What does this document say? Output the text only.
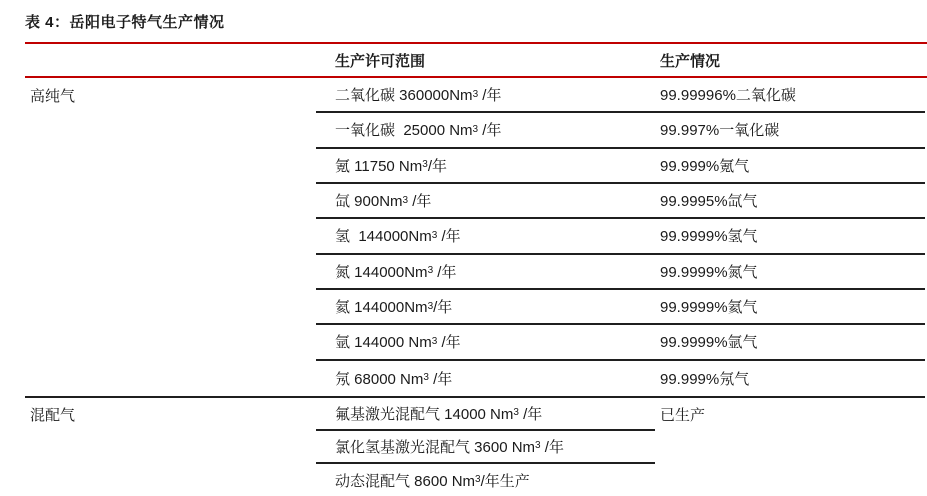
表 4：岳阳电子特气生产情况
生产许可范围	生产情况
高纯气	二氧化碳 360000Nm 3 /年	99.99996%二氧化碳
一氧化碳  25000 Nm 3 /年	99.997%一氧化碳
氪 11750 Nm 3 /年	99.999%氪气
氙 900Nm 3 /年	99.9995%氙气
氢  144000Nm 3 /年	99.9999%氢气
氮 144000Nm 3 /年	99.9999%氮气
氦 144000Nm 3 /年	99.9999%氦气
氩 144000 Nm 3 /年	99.9999%氩气
氖 68000 Nm 3 /年	99.999%氖气
混配气	氟基激光混配气 14000 Nm 3 /年	已生产
氯化氢基激光混配气 3600 Nm 3 /年
动态混配气 8600 Nm 3 /年生产
